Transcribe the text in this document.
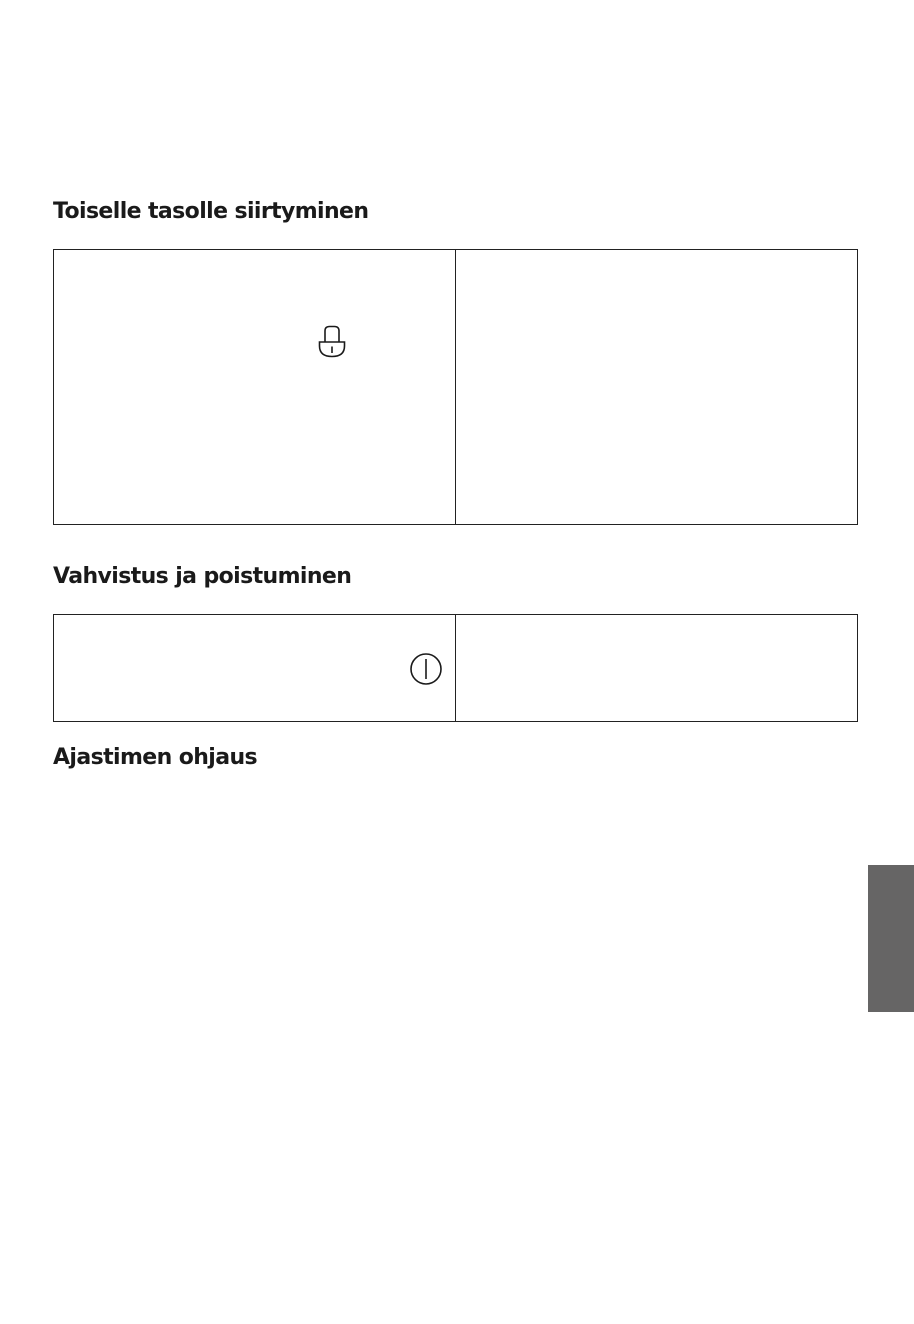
Toiselle tasolle siirtyminen
Vahvistus ja poistuminen
Ajastimen ohjaus
